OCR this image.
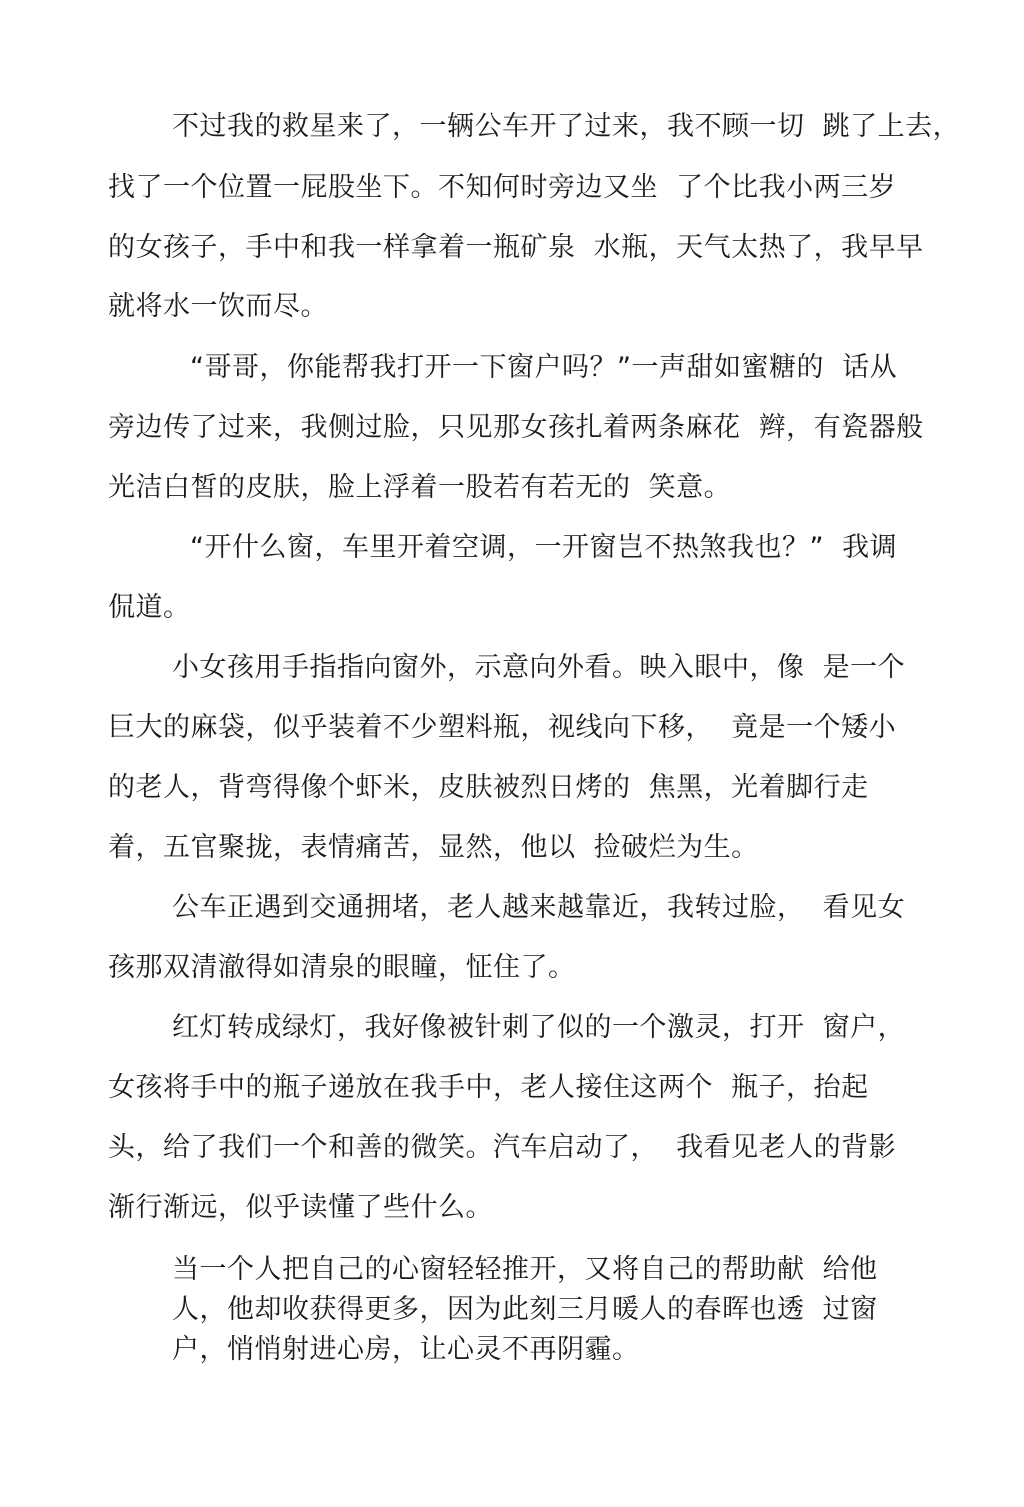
不过我的救星来了，一辆公车开了过来，我不顾一切  跳了上去，
找了一个位置一屁股坐下。不知何时旁边又坐  了个比我小两三岁
的女孩子，手中和我一样拿着一瓶矿泉  水瓶，天气太热了，我早早
就将水一饮而尽。
“哥哥，你能帮我打开一下窗户吗？”一声甜如蜜糖的  话从
旁边传了过来，我侧过脸，只见那女孩扎着两条麻花  辫，有瓷器般
光洁白皙的皮肤，脸上浮着一股若有若无的  笑意。
“开什么窗，车里开着空调，一开窗岂不热煞我也？”  我调
侃道。
小女孩用手指指向窗外，示意向外看。映入眼中，像  是一个
巨大的麻袋，似乎装着不少塑料瓶，视线向下移，  竟是一个矮小
的老人，背弯得像个虾米，皮肤被烈日烤的  焦黑，光着脚行走
着，五官聚拢，表情痛苦，显然，他以  捡破烂为生。
公车正遇到交通拥堵，老人越来越靠近，我转过脸，  看见女
孩那双清澈得如清泉的眼瞳，怔住了。
红灯转成绿灯，我好像被针刺了似的一个激灵，打开  窗户，
女孩将手中的瓶子递放在我手中，老人接住这两个  瓶子，抬起
头，给了我们一个和善的微笑。汽车启动了，  我看见老人的背影
渐行渐远，似乎读懂了些什么。
当一个人把自己的心窗轻轻推开，又将自己的帮助献  给他
人，他却收获得更多，因为此刻三月暖人的春晖也透  过窗
户，悄悄射进心房，让心灵不再阴霾。
